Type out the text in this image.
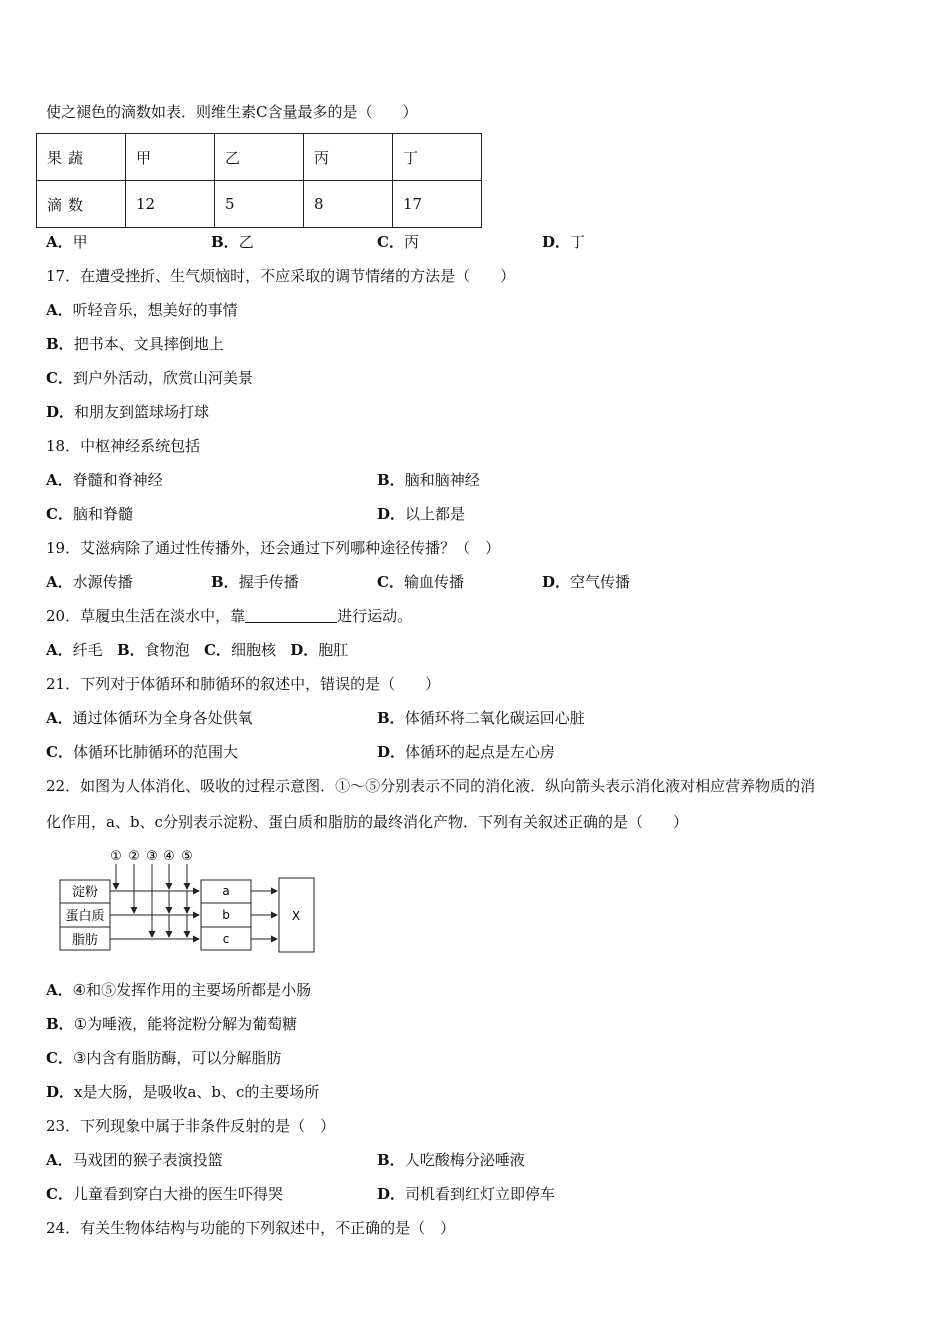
使之褪色的滴数如表．则维生素C含量最多的是（　　）
果蔬	甲	乙	丙	丁
滴数	12	5	8	17
A．甲	B．乙	C．丙	D．丁
17．在遭受挫折、生气烦恼时，不应采取的调节情绪的方法是（　　）
A．听轻音乐，想美好的事情
B．把书本、文具摔倒地上
C．到户外活动，欣赏山河美景
D．和朋友到篮球场打球
18．中枢神经系统包括
A．脊髓和脊神经	B．脑和脑神经
C．脑和脊髓	D．以上都是
19．艾滋病除了通过性传播外，还会通过下列哪种途径传播？（　）
A．水源传播	B．握手传播	C．输血传播	D．空气传播
20．草履虫生活在淡水中，靠	进行运动。
A．纤毛 B．食物泡 C．细胞核 D．胞肛
21．下列对于体循环和肺循环的叙述中，错误的是（　　）
A．通过体循环为全身各处供氧	B．体循环将二氧化碳运回心脏
C．体循环比肺循环的范围大	D．体循环的起点是左心房
22．如图为人体消化、吸收的过程示意图．①～⑤分别表示不同的消化液．纵向箭头表示消化液对相应营养物质的消
化作用，a、b、c分别表示淀粉、蛋白质和脂肪的最终消化产物．下列有关叙述正确的是（　　）
① ② ③ ④ ⑤
淀粉
蛋白质
脂肪
a
b
c
X
A．④和⑤发挥作用的主要场所都是小肠
B．①为唾液，能将淀粉分解为葡萄糖
C．③内含有脂肪酶，可以分解脂肪
D．x是大肠，是吸收a、b、c的主要场所
23．下列现象中属于非条件反射的是（　）
A．马戏团的猴子表演投篮	B．人吃酸梅分泌唾液
C．儿童看到穿白大褂的医生吓得哭	D．司机看到红灯立即停车
24．有关生物体结构与功能的下列叙述中，不正确的是（　）
